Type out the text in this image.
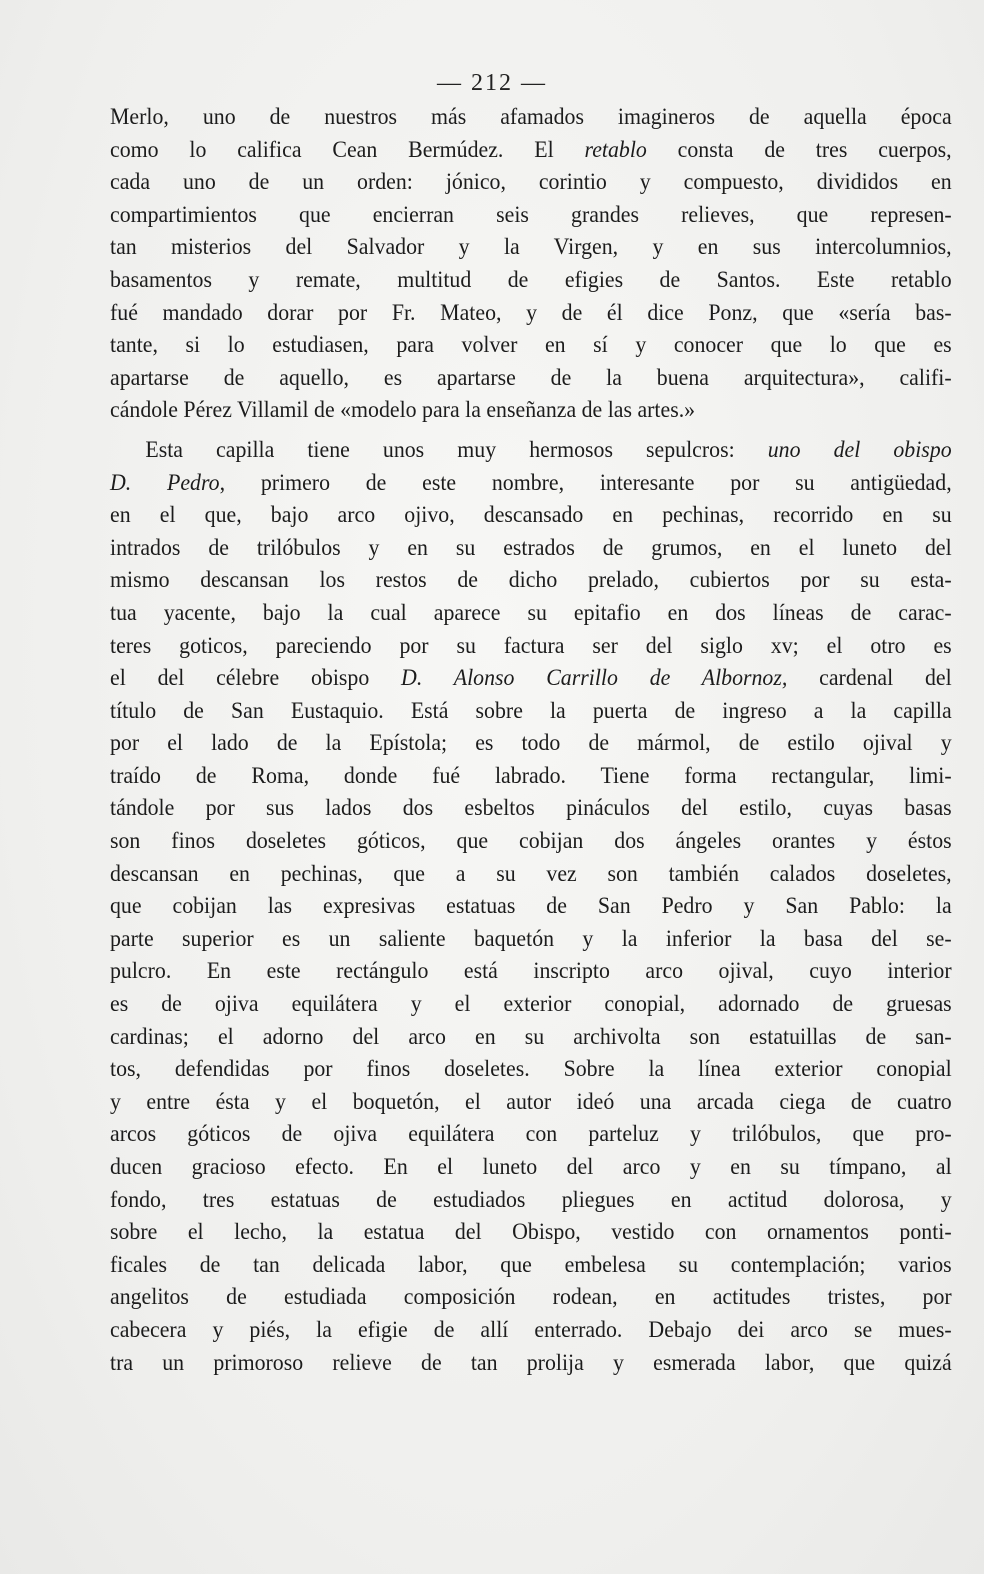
— 212 —
Merlo, uno de nuestros más afamados imagineros de aquella época
como lo califica Cean Bermúdez. El retablo consta de tres cuerpos,
cada uno de un orden: jónico, corintio y compuesto, divididos en
compartimientos que encierran seis grandes relieves, que represen-
tan misterios del Salvador y la Virgen, y en sus intercolumnios,
basamentos y remate, multitud de efigies de Santos. Este retablo
fué mandado dorar por Fr. Mateo, y de él dice Ponz, que «sería bas-
tante, si lo estudiasen, para volver en sí y conocer que lo que es
apartarse de aquello, es apartarse de la buena arquitectura», califi-
cándole Pérez Villamil de «modelo para la enseñanza de las artes.»
Esta capilla tiene unos muy hermosos sepulcros: uno del obispo
D. Pedro, primero de este nombre, interesante por su antigüedad,
en el que, bajo arco ojivo, descansado en pechinas, recorrido en su
intrados de trilóbulos y en su estrados de grumos, en el luneto del
mismo descansan los restos de dicho prelado, cubiertos por su esta-
tua yacente, bajo la cual aparece su epitafio en dos líneas de carac-
teres goticos, pareciendo por su factura ser del siglo xv; el otro es
el del célebre obispo D. Alonso Carrillo de Albornoz, cardenal del
título de San Eustaquio. Está sobre la puerta de ingreso a la capilla
por el lado de la Epístola; es todo de mármol, de estilo ojival y
traído de Roma, donde fué labrado. Tiene forma rectangular, limi-
tándole por sus lados dos esbeltos pináculos del estilo, cuyas basas
son finos doseletes góticos, que cobijan dos ángeles orantes y éstos
descansan en pechinas, que a su vez son también calados doseletes,
que cobijan las expresivas estatuas de San Pedro y San Pablo: la
parte superior es un saliente baquetón y la inferior la basa del se-
pulcro. En este rectángulo está inscripto arco ojival, cuyo interior
es de ojiva equilátera y el exterior conopial, adornado de gruesas
cardinas; el adorno del arco en su archivolta son estatuillas de san-
tos, defendidas por finos doseletes. Sobre la línea exterior conopial
y entre ésta y el boquetón, el autor ideó una arcada ciega de cuatro
arcos góticos de ojiva equilátera con parteluz y trilóbulos, que pro-
ducen gracioso efecto. En el luneto del arco y en su tímpano, al
fondo, tres estatuas de estudiados pliegues en actitud dolorosa, y
sobre el lecho, la estatua del Obispo, vestido con ornamentos ponti-
ficales de tan delicada labor, que embelesa su contemplación; varios
angelitos de estudiada composición rodean, en actitudes tristes, por
cabecera y piés, la efigie de allí enterrado. Debajo dei arco se mues-
tra un primoroso relieve de tan prolija y esmerada labor, que quizá
